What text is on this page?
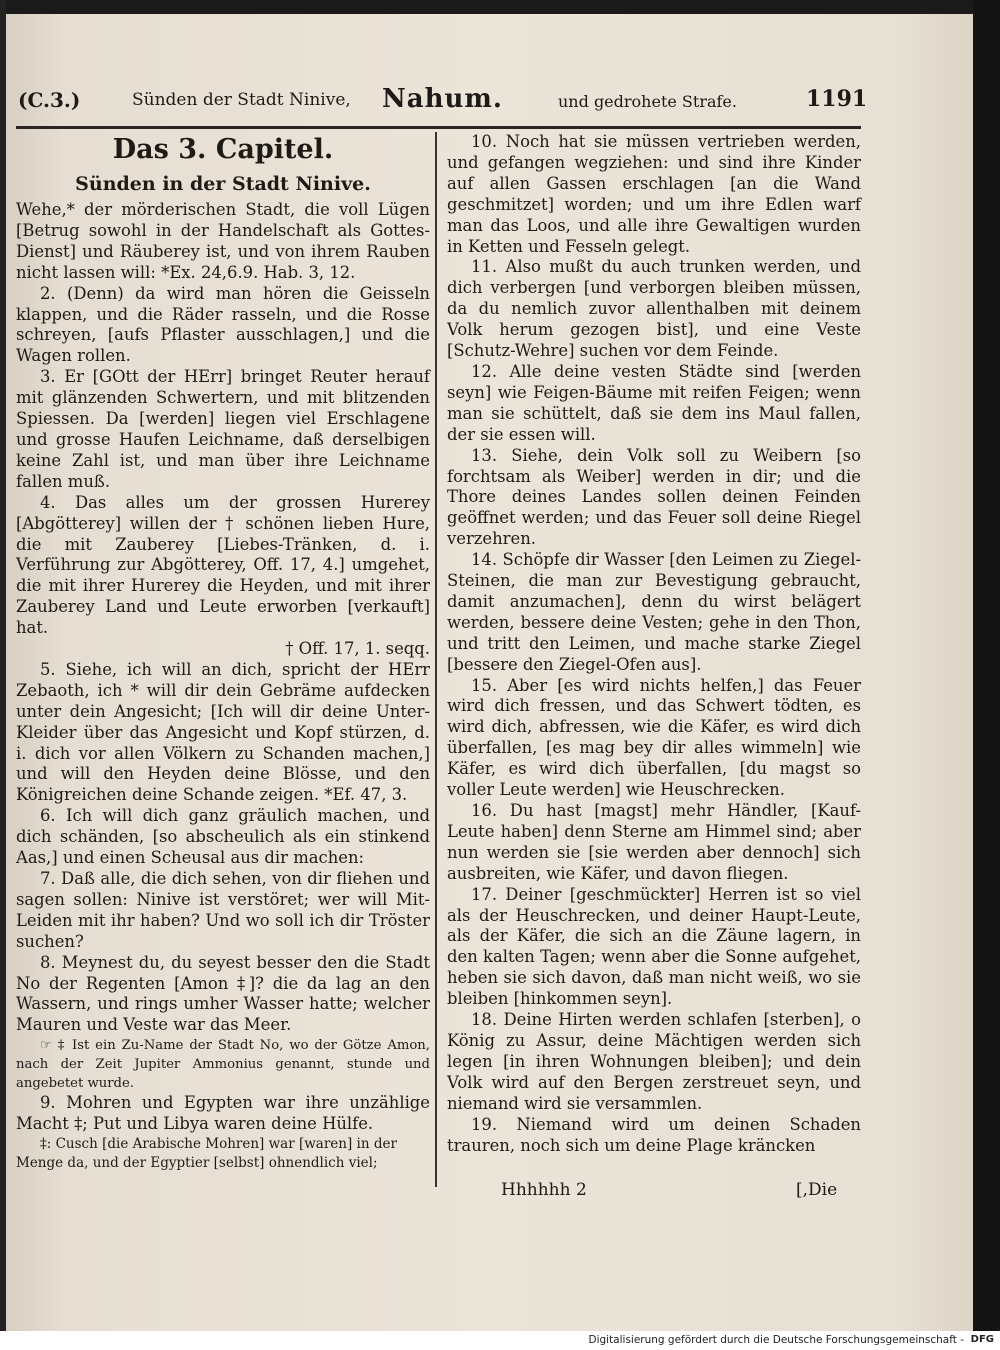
(C.3.)	Sünden der Stadt Ninive, Nahum.	und gedrohete Strafe.	1191

Das 3. Capitel.

Sünden in der Stadt Ninive.

Wehe,* der mörderischen Stadt, die voll Lügen [Betrug sowohl in der Handelschaft als Gottes-Dienst] und Räuberey ist, und von ihrem Rauben nicht lassen will: *Ex. 24,6.9. Hab. 3, 12.

2. (Denn) da wird man hören die Geisseln klappen, und die Räder rasseln, und die Rosse schreyen, [aufs Pflaster ausschlagen,] und die Wagen rollen.

3. Er [GOtt der HErr] bringet Reuter herauf mit glänzenden Schwertern, und mit blitzenden Spiessen. Da [werden] liegen viel Erschlagene und grosse Haufen Leichname, daß derselbigen keine Zahl ist, und man über ihre Leichname fallen muß.

4. Das alles um der grossen Hurerey [Abgötterey] willen der † schönen lieben Hure, die mit Zauberey [Liebes-Tränken, d. i. Verführung zur Abgötterey, Off. 17, 4.] umgehet, die mit ihrer Hurerey die Heyden, und mit ihrer Zauberey Land und Leute erworben [verkauft] hat.

† Off. 17, 1. seqq.

5. Siehe, ich will an dich, spricht der HErr Zebaoth, ich * will dir dein Gebräme aufdecken unter dein Angesicht; [Ich will dir deine Unter-Kleider über das Angesicht und Kopf stürzen, d. i. dich vor allen Völkern zu Schanden machen,] und will den Heyden deine Blösse, und den Königreichen deine Schande zeigen. *Ef. 47, 3.

6. Ich will dich ganz gräulich machen, und dich schänden, [so abscheulich als ein stinkend Aas,] und einen Scheusal aus dir machen:

7. Daß alle, die dich sehen, von dir fliehen und sagen sollen: Ninive ist verstöret; wer will Mit-Leiden mit ihr haben? Und wo soll ich dir Tröster suchen?

8. Meynest du, du seyest besser den die Stadt No der Regenten [Amon ‡]? die da lag an den Wassern, und rings umher Wasser hatte; welcher Mauren und Veste war das Meer.

☞ ‡ Ist ein Zu-Name der Stadt No, wo der Götze Amon, nach der Zeit Jupiter Ammonius genannt, stunde und angebetet wurde.

9. Mohren und Egypten war ihre unzählige Macht ‡; Put und Libya waren deine Hülfe.

‡: Cusch [die Arabische Mohren] war [waren] in der Menge da, und der Egyptier [selbst] ohnendlich viel;

10. Noch hat sie müssen vertrieben werden, und gefangen wegziehen: und sind ihre Kinder auf allen Gassen erschlagen [an die Wand geschmitzet] worden; und um ihre Edlen warf man das Loos, und alle ihre Gewaltigen wurden in Ketten und Fesseln gelegt.

11. Also mußt du auch trunken werden, und dich verbergen [und verborgen bleiben müssen, da du nemlich zuvor allenthalben mit deinem Volk herum gezogen bist], und eine Veste [Schutz-Wehre] suchen vor dem Feinde.

12. Alle deine vesten Städte sind [werden seyn] wie Feigen-Bäume mit reifen Feigen; wenn man sie schüttelt, daß sie dem ins Maul fallen, der sie essen will.

13. Siehe, dein Volk soll zu Weibern [so forchtsam als Weiber] werden in dir; und die Thore deines Landes sollen deinen Feinden geöffnet werden; und das Feuer soll deine Riegel verzehren.

14. Schöpfe dir Wasser [den Leimen zu Ziegel-Steinen, die man zur Bevestigung gebraucht, damit anzumachen], denn du wirst belägert werden, bessere deine Vesten; gehe in den Thon, und tritt den Leimen, und mache starke Ziegel [bessere den Ziegel-Ofen aus].

15. Aber [es wird nichts helfen,] das Feuer wird dich fressen, und das Schwert tödten, es wird dich, abfressen, wie die Käfer, es wird dich überfallen, [es mag bey dir alles wimmeln] wie Käfer, es wird dich überfallen, [du magst so voller Leute werden] wie Heuschrecken.

16. Du hast [magst] mehr Händler, [Kauf-Leute haben] denn Sterne am Himmel sind; aber nun werden sie [sie werden aber dennoch] sich ausbreiten, wie Käfer, und davon fliegen.

17. Deiner [geschmückter] Herren ist so viel als der Heuschrecken, und deiner Haupt-Leute, als der Käfer, die sich an die Zäune lagern, in den kalten Tagen; wenn aber die Sonne aufgehet, heben sie sich davon, daß man nicht weiß, wo sie bleiben [hinkommen seyn].

18. Deine Hirten werden schlafen [sterben], o König zu Assur, deine Mächtigen werden sich legen [in ihren Wohnungen bleiben]; und dein Volk wird auf den Bergen zerstreuet seyn, und niemand wird sie versammlen.

19. Niemand wird um deinen Schaden trauren, noch sich um deine Plage kräncken

Hhhhhh 2	[,Die
Digitalisierung gefördert durch die Deutsche Forschungsgemeinschaft - DFG
